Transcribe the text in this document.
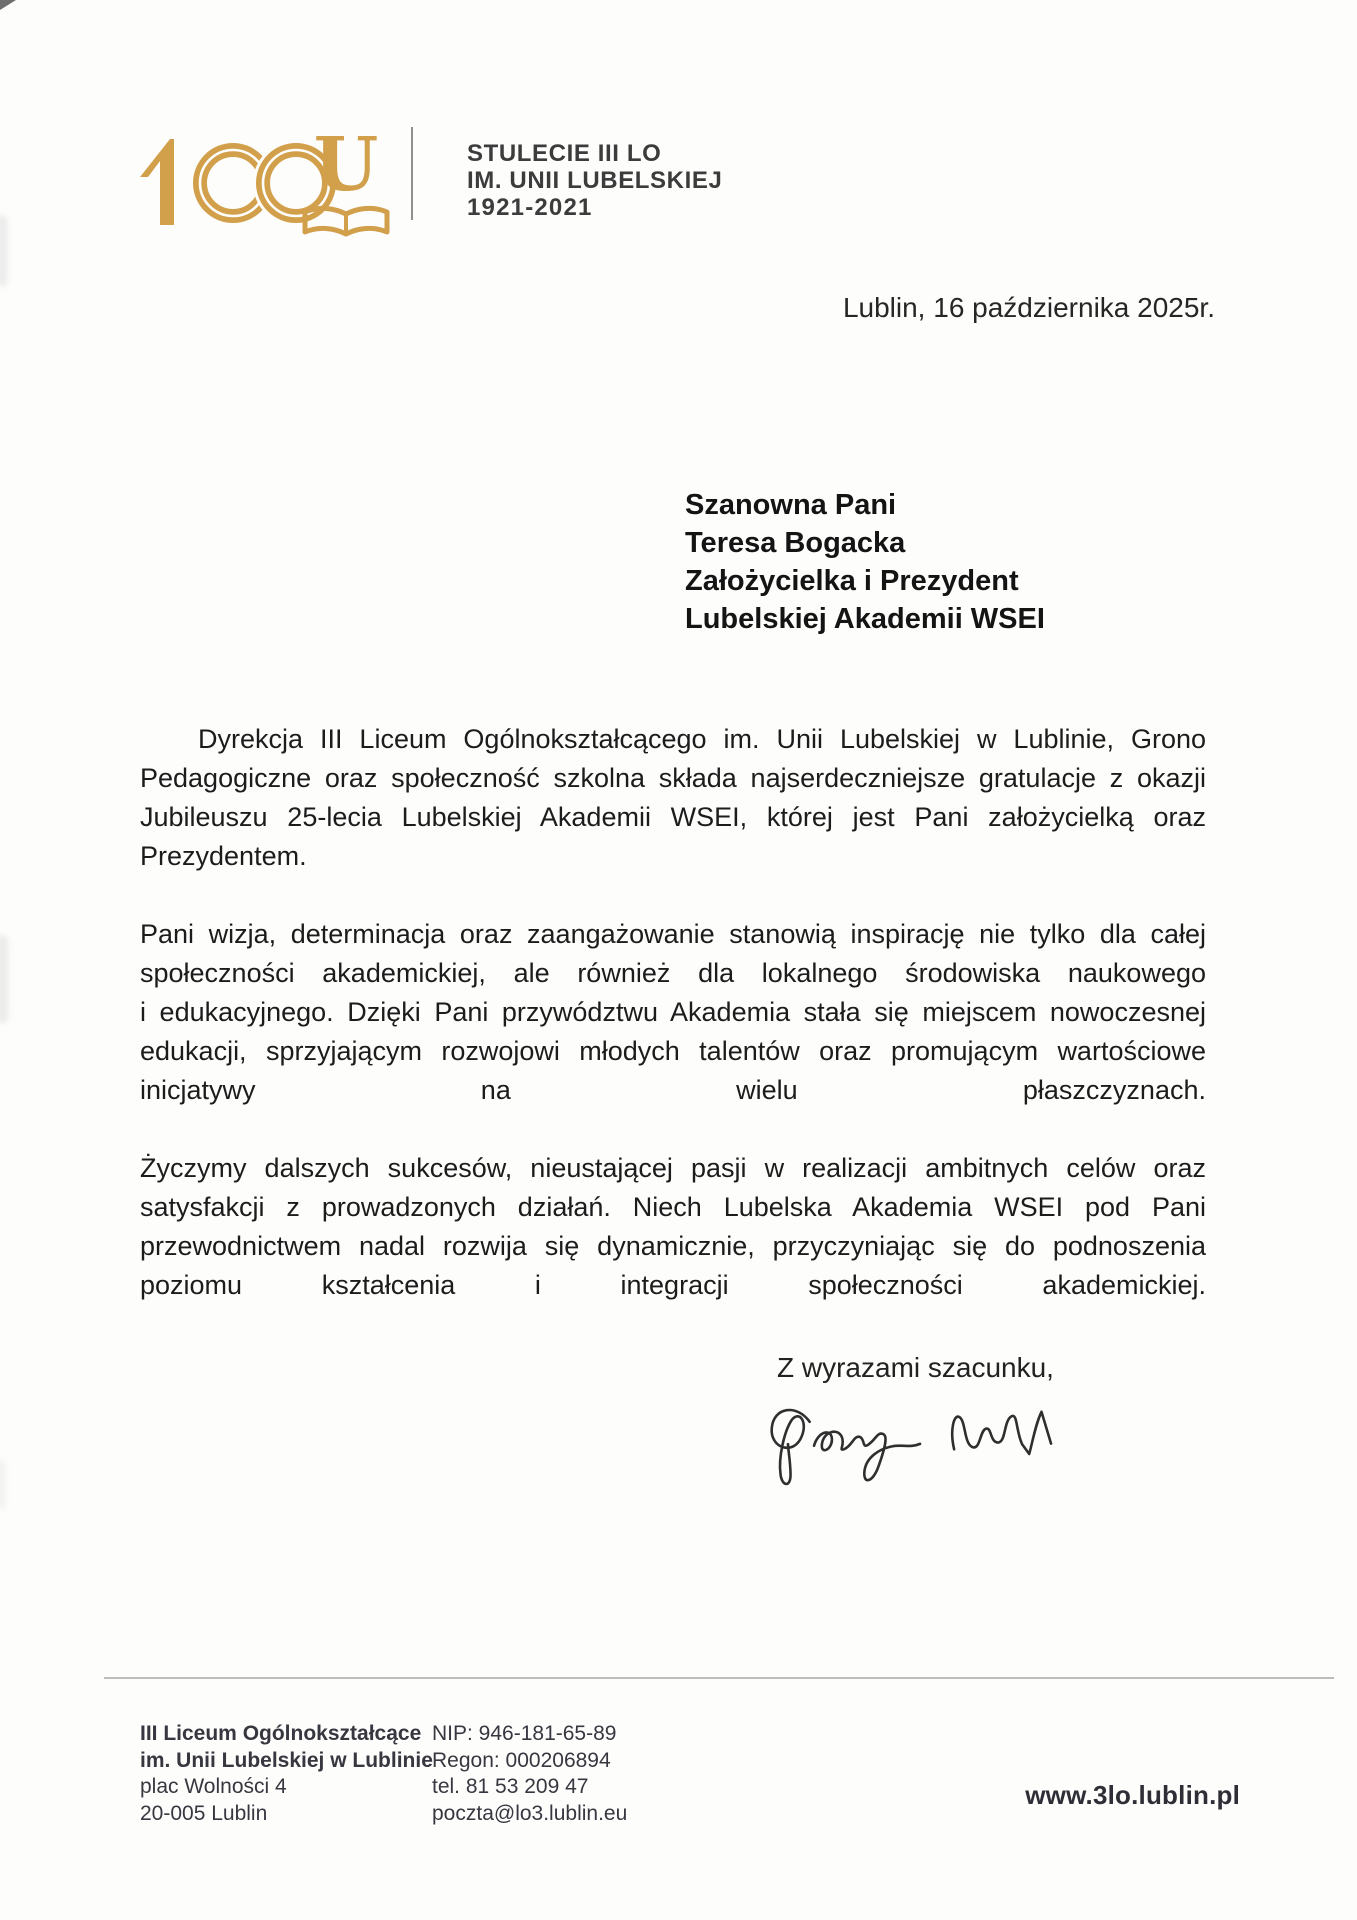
U	STULECIE III LO
IM. UNII LUBELSKIEJ
1921-2021
Lublin, 16 października 2025r.
Szanowna Pani
Teresa Bogacka
Założycielka i Prezydent
Lubelskiej Akademii WSEI
Dyrekcja III Liceum Ogólnokształcącego im. Unii Lubelskiej w Lublinie, Grono
Pedagogiczne oraz społeczność szkolna składa najserdeczniejsze gratulacje z okazji
Jubileuszu 25-lecia Lubelskiej Akademii WSEI, której jest Pani założycielką oraz
Prezydentem.
Pani wizja, determinacja oraz zaangażowanie stanowią inspirację nie tylko dla całej
społeczności akademickiej, ale również dla lokalnego środowiska naukowego
i edukacyjnego. Dzięki Pani przywództwu Akademia stała się miejscem nowoczesnej
edukacji, sprzyjającym rozwojowi młodych talentów oraz promującym wartościowe
inicjatywy na wielu płaszczyznach.
Życzymy dalszych sukcesów, nieustającej pasji w realizacji ambitnych celów oraz
satysfakcji z prowadzonych działań. Niech Lubelska Akademia WSEI pod Pani
przewodnictwem nadal rozwija się dynamicznie, przyczyniając się do podnoszenia
poziomu kształcenia i integracji społeczności akademickiej.
Z wyrazami szacunku,
III Liceum Ogólnokształcące
im. Unii Lubelskiej w Lublinie
plac Wolności 4
20-005 Lublin
NIP: 946-181-65-89
Regon: 000206894
tel. 81 53 209 47
poczta@lo3.lublin.eu
www.3lo.lublin.pl
